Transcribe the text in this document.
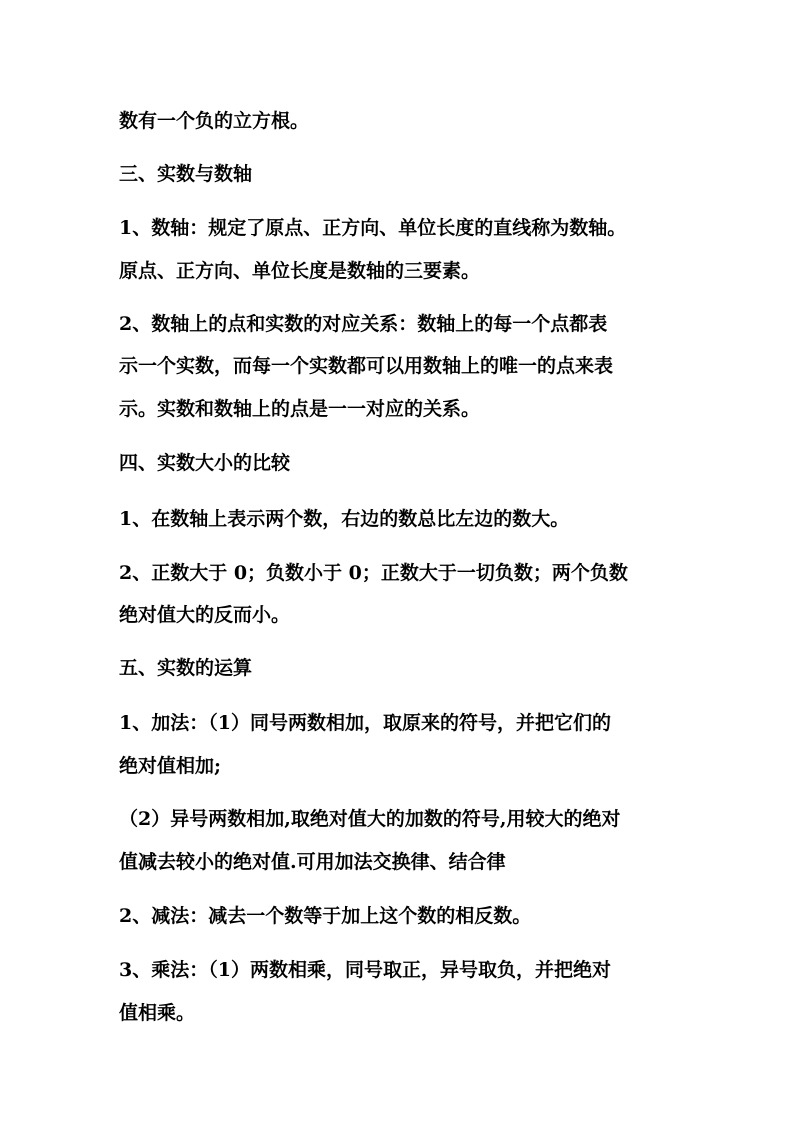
数有一个负的立方根。
三、实数与数轴
1、数轴：规定了原点、正方向、单位长度的直线称为数轴。
原点、正方向、单位长度是数轴的三要素。
2、数轴上的点和实数的对应关系：数轴上的每一个点都表
示一个实数，而每一个实数都可以用数轴上的唯一的点来表
示。实数和数轴上的点是一一对应的关系。
四、实数大小的比较
1、在数轴上表示两个数，右边的数总比左边的数大。
2、正数大于 0；负数小于 0；正数大于一切负数；两个负数
绝对值大的反而小。
五、实数的运算
1、加法：（1）同号两数相加，取原来的符号，并把它们的
绝对值相加;
（2）异号两数相加,取绝对值大的加数的符号,用较大的绝对
值减去较小的绝对值.可用加法交换律、结合律
2、减法：减去一个数等于加上这个数的相反数。
3、乘法：（1）两数相乘，同号取正，异号取负，并把绝对
值相乘。
